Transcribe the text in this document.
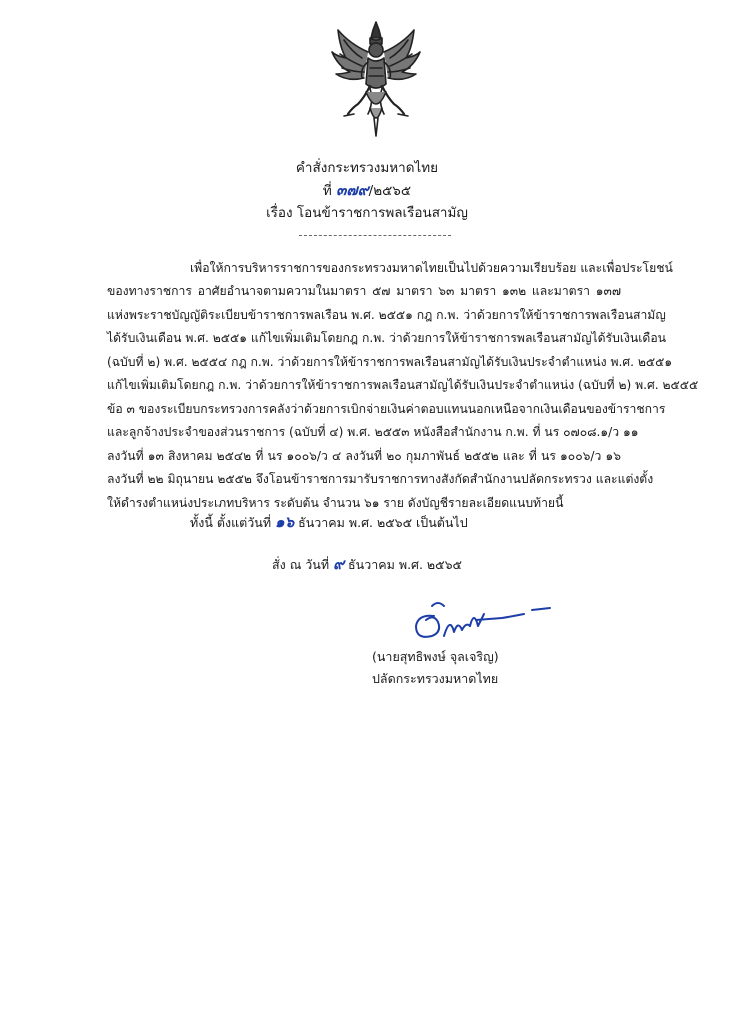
คำสั่งกระทรวงมหาดไทย
ที่ ๓๗๙/๒๕๖๕
เรื่อง โอนข้าราชการพลเรือนสามัญ
เพื่อให้การบริหารราชการของกระทรวงมหาดไทยเป็นไปด้วยความเรียบร้อย และเพื่อประโยชน์
ของทางราชการ อาศัยอำนาจตามความในมาตรา ๕๗ มาตรา ๖๓ มาตรา ๑๓๒ และมาตรา ๑๓๗
แห่งพระราชบัญญัติระเบียบข้าราชการพลเรือน พ.ศ. ๒๕๕๑ กฎ ก.พ. ว่าด้วยการให้ข้าราชการพลเรือนสามัญ
ได้รับเงินเดือน พ.ศ. ๒๕๕๑ แก้ไขเพิ่มเติมโดยกฎ ก.พ. ว่าด้วยการให้ข้าราชการพลเรือนสามัญได้รับเงินเดือน
(ฉบับที่ ๒) พ.ศ. ๒๕๕๔ กฎ ก.พ. ว่าด้วยการให้ข้าราชการพลเรือนสามัญได้รับเงินประจำตำแหน่ง พ.ศ. ๒๕๕๑
แก้ไขเพิ่มเติมโดยกฎ ก.พ. ว่าด้วยการให้ข้าราชการพลเรือนสามัญได้รับเงินประจำตำแหน่ง (ฉบับที่ ๒) พ.ศ. ๒๕๕๕
ข้อ ๓ ของระเบียบกระทรวงการคลังว่าด้วยการเบิกจ่ายเงินค่าตอบแทนนอกเหนือจากเงินเดือนของข้าราชการ
และลูกจ้างประจำของส่วนราชการ (ฉบับที่ ๔) พ.ศ. ๒๕๕๓ หนังสือสำนักงาน ก.พ. ที่ นร ๐๗๐๘.๑/ว ๑๑
ลงวันที่ ๑๓ สิงหาคม ๒๕๔๒ ที่ นร ๑๐๐๖/ว ๔ ลงวันที่ ๒๐ กุมภาพันธ์ ๒๕๕๒ และ ที่ นร ๑๐๐๖/ว ๑๖
ลงวันที่ ๒๒ มิถุนายน ๒๕๕๒ จึงโอนข้าราชการมารับราชการทางสังกัดสำนักงานปลัดกระทรวง และแต่งตั้ง
ให้ดำรงตำแหน่งประเภทบริหาร ระดับต้น จำนวน ๖๑ ราย ดังบัญชีรายละเอียดแนบท้ายนี้
ทั้งนี้ ตั้งแต่วันที่ ๑๖ ธันวาคม พ.ศ. ๒๕๖๕ เป็นต้นไป
สั่ง ณ วันที่ ๙ ธันวาคม พ.ศ. ๒๕๖๕
(นายสุทธิพงษ์ จุลเจริญ)
ปลัดกระทรวงมหาดไทย
